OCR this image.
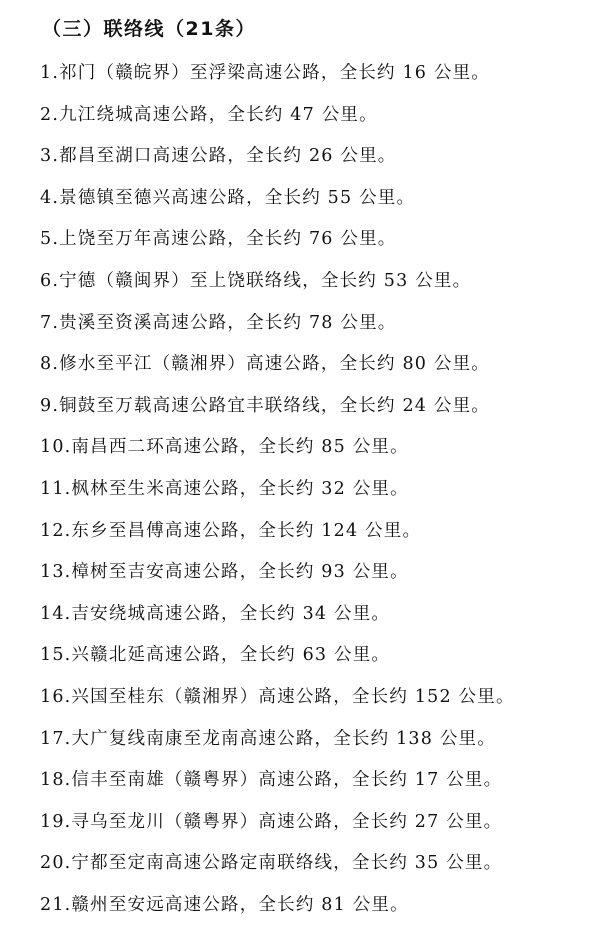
（三）联络线（21条）
1.祁门（赣皖界）至浮梁高速公路，全长约 16 公里。
2.九江绕城高速公路，全长约 47 公里。
3.都昌至湖口高速公路，全长约 26 公里。
4.景德镇至德兴高速公路，全长约 55 公里。
5.上饶至万年高速公路，全长约 76 公里。
6.宁德（赣闽界）至上饶联络线，全长约 53 公里。
7.贵溪至资溪高速公路，全长约 78 公里。
8.修水至平江（赣湘界）高速公路，全长约 80 公里。
9.铜鼓至万载高速公路宜丰联络线，全长约 24 公里。
10.南昌西二环高速公路，全长约 85 公里。
11.枫林至生米高速公路，全长约 32 公里。
12.东乡至昌傅高速公路，全长约 124 公里。
13.樟树至吉安高速公路，全长约 93 公里。
14.吉安绕城高速公路，全长约 34 公里。
15.兴赣北延高速公路，全长约 63 公里。
16.兴国至桂东（赣湘界）高速公路，全长约 152 公里。
17.大广复线南康至龙南高速公路，全长约 138 公里。
18.信丰至南雄（赣粤界）高速公路，全长约 17 公里。
19.寻乌至龙川（赣粤界）高速公路，全长约 27 公里。
20.宁都至定南高速公路定南联络线，全长约 35 公里。
21.赣州至安远高速公路，全长约 81 公里。
